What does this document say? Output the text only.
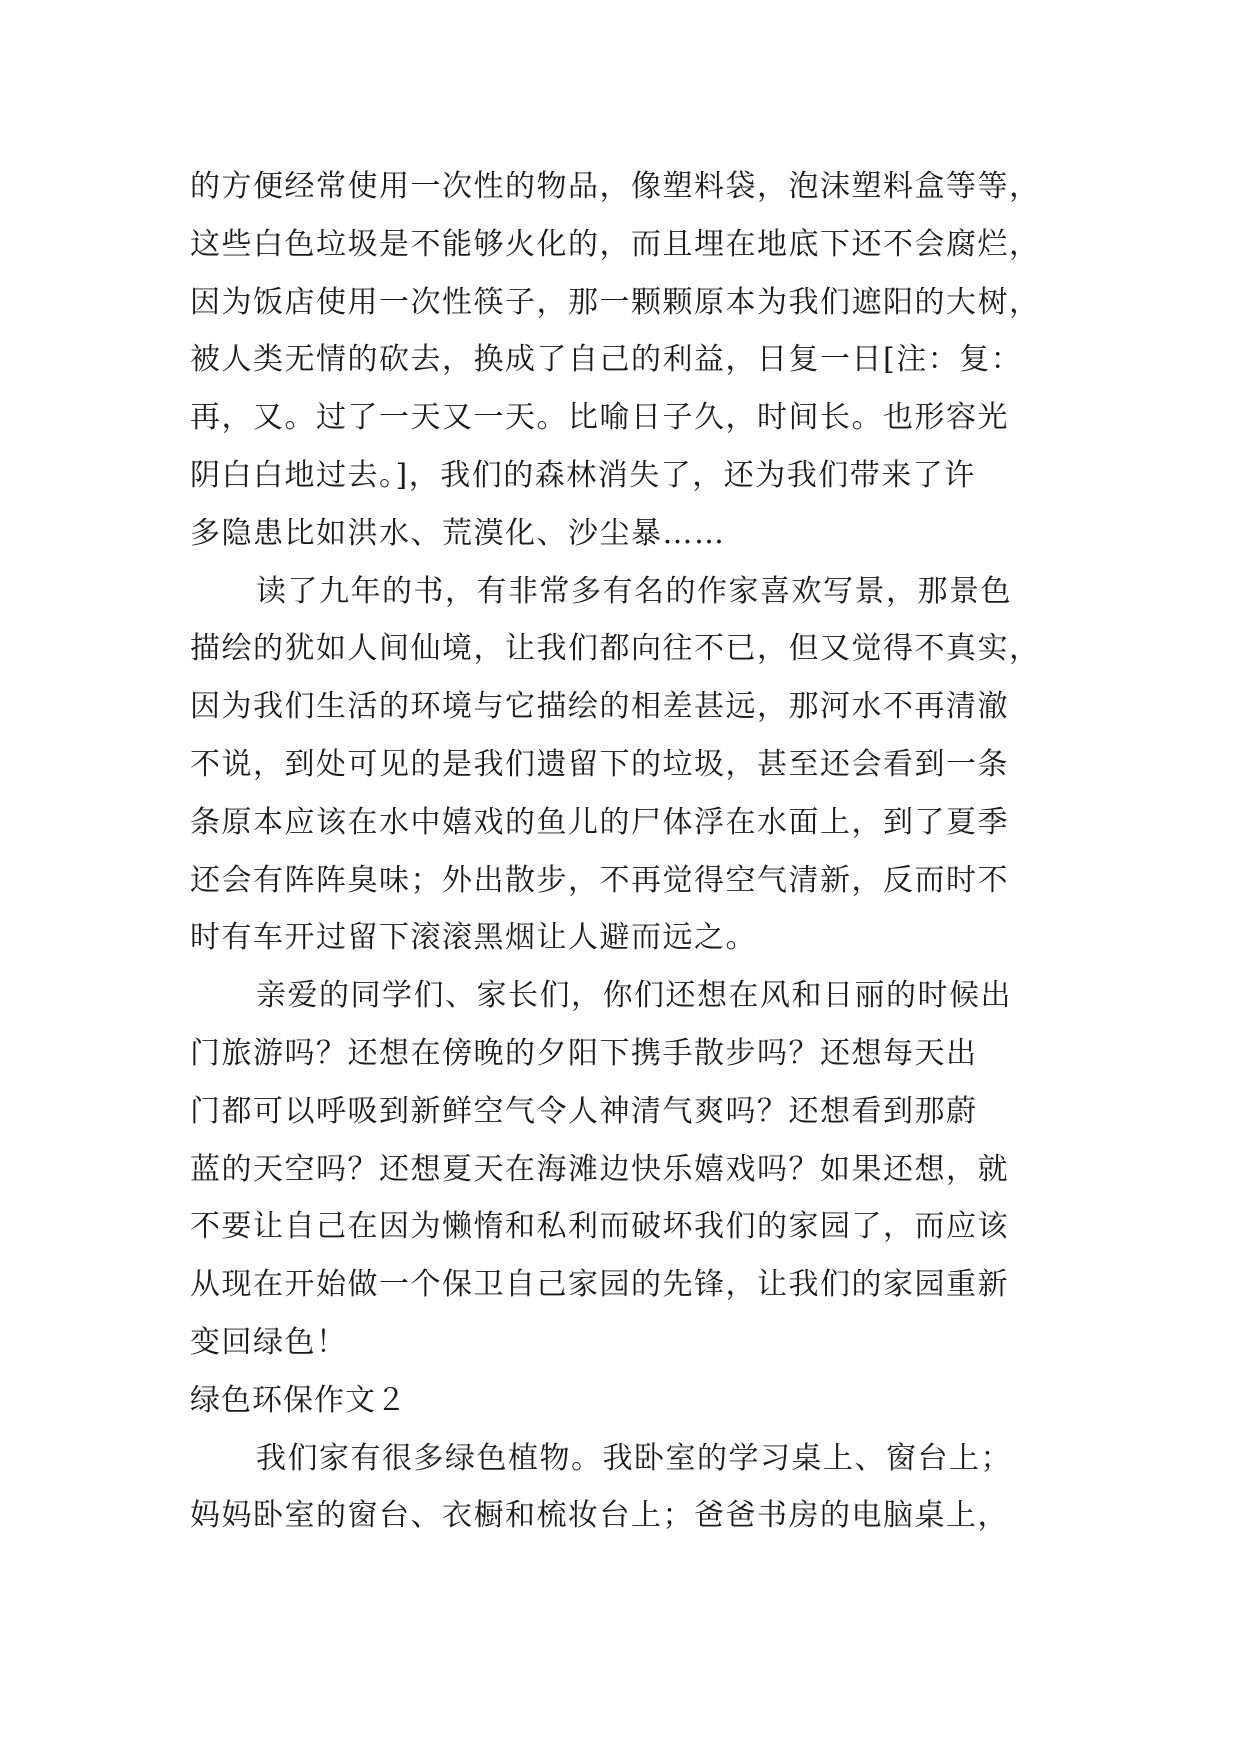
的方便经常使用一次性的物品，像塑料袋，泡沫塑料盒等等，
这些白色垃圾是不能够火化的，而且埋在地底下还不会腐烂，
因为饭店使用一次性筷子，那一颗颗原本为我们遮阳的大树，
被人类无情的砍去，换成了自己的利益，日复一日[注：复：
再，又。过了一天又一天。比喻日子久，时间长。也形容光
阴白白地过去。]，我们的森林消失了，还为我们带来了许
多隐患比如洪水、荒漠化、沙尘暴……
读了九年的书，有非常多有名的作家喜欢写景，那景色
描绘的犹如人间仙境，让我们都向往不已，但又觉得不真实，
因为我们生活的环境与它描绘的相差甚远，那河水不再清澈
不说，到处可见的是我们遗留下的垃圾，甚至还会看到一条
条原本应该在水中嬉戏的鱼儿的尸体浮在水面上，到了夏季
还会有阵阵臭味；外出散步，不再觉得空气清新，反而时不
时有车开过留下滚滚黑烟让人避而远之。
亲爱的同学们、家长们，你们还想在风和日丽的时候出
门旅游吗？还想在傍晚的夕阳下携手散步吗？还想每天出
门都可以呼吸到新鲜空气令人神清气爽吗？还想看到那蔚
蓝的天空吗？还想夏天在海滩边快乐嬉戏吗？如果还想，就
不要让自己在因为懒惰和私利而破坏我们的家园了，而应该
从现在开始做一个保卫自己家园的先锋，让我们的家园重新
变回绿色！
绿色环保作文２
我们家有很多绿色植物。我卧室的学习桌上、窗台上；
妈妈卧室的窗台、衣橱和梳妆台上；爸爸书房的电脑桌上，
